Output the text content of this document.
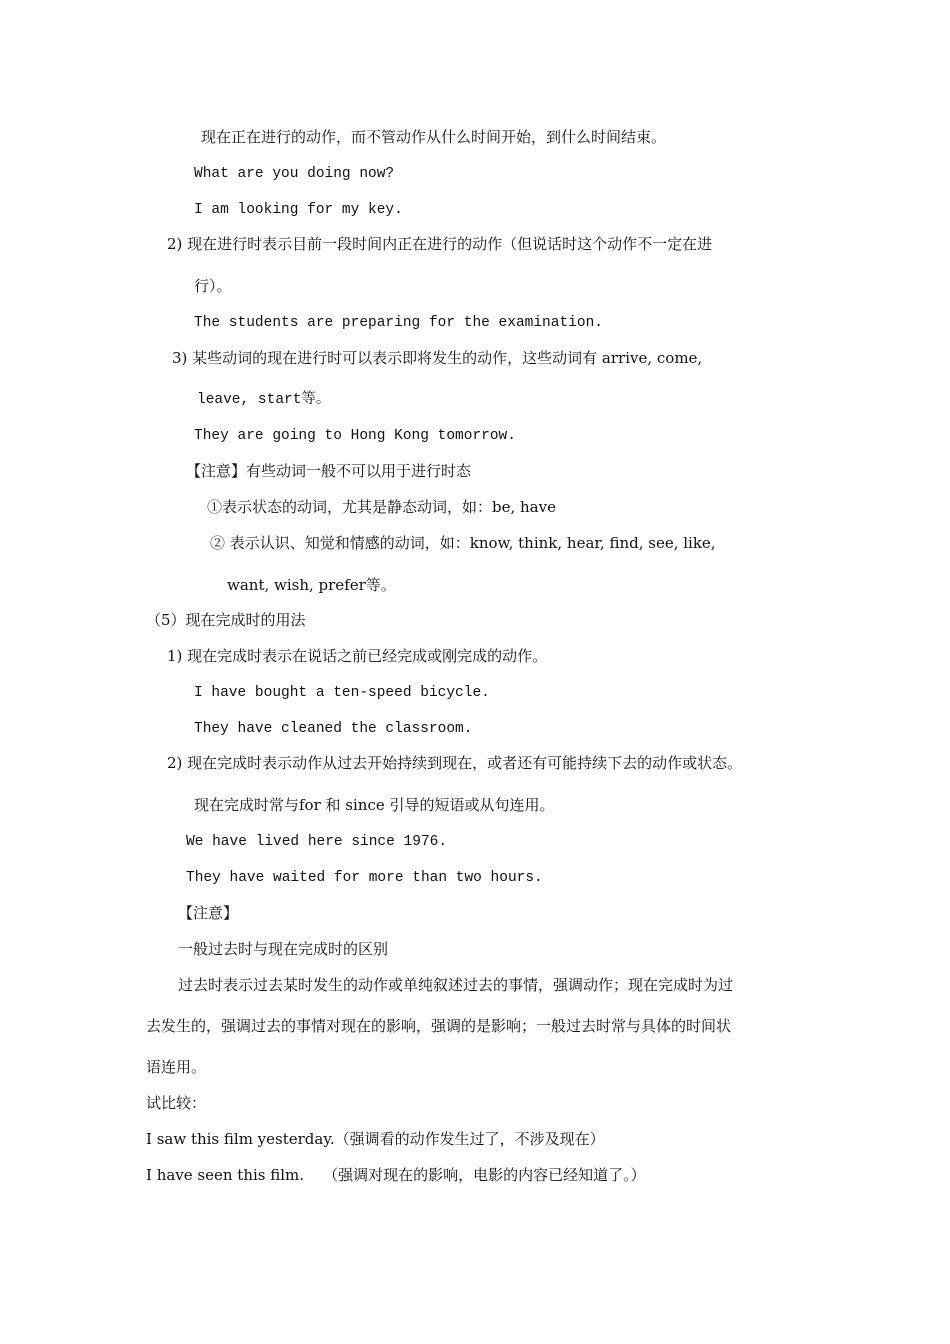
现在正在进行的动作，而不管动作从什么时间开始，到什么时间结束。
What are you doing now?
I am looking for my key.
2) 现在进行时表示目前一段时间内正在进行的动作（但说话时这个动作不一定在进
行）。
The students are preparing for the examination.
3) 某些动词的现在进行时可以表示即将发生的动作，这些动词有 arrive, come,
leave, start等。
They are going to Hong Kong tomorrow.
【注意】有些动词一般不可以用于进行时态
①表示状态的动词，尤其是静态动词，如：be, have
② 表示认识、知觉和情感的动词，如：know, think, hear, find, see, like,
want, wish, prefer等。
（5）现在完成时的用法
1) 现在完成时表示在说话之前已经完成或刚完成的动作。
I have bought a ten-speed bicycle.
They have cleaned the classroom.
2) 现在完成时表示动作从过去开始持续到现在，或者还有可能持续下去的动作或状态。
现在完成时常与for 和 since 引导的短语或从句连用。
We have lived here since 1976.
They have waited for more than two hours.
【注意】
一般过去时与现在完成时的区别
过去时表示过去某时发生的动作或单纯叙述过去的事情，强调动作；现在完成时为过
去发生的，强调过去的事情对现在的影响，强调的是影响；一般过去时常与具体的时间状
语连用。
试比较：
I saw this film yesterday.（强调看的动作发生过了，不涉及现在）
I have seen this film.    （强调对现在的影响，电影的内容已经知道了。）
